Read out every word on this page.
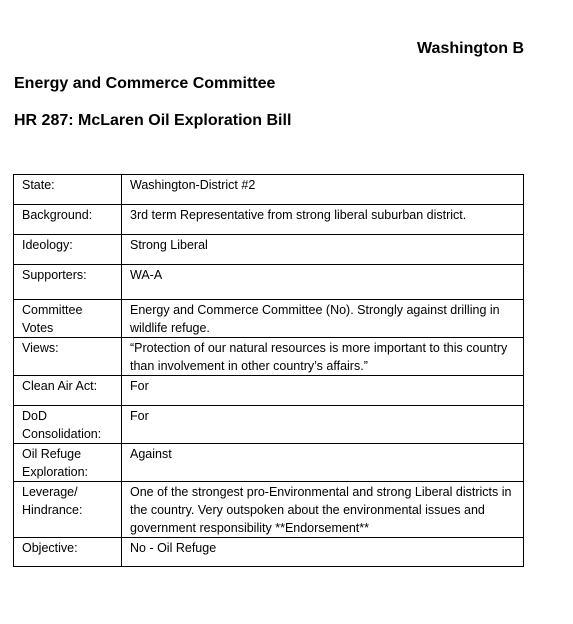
Washington B
Energy and Commerce Committee
HR 287: McLaren Oil Exploration Bill
State:	Washington-District #2
Background:	3rd term Representative from strong liberal suburban district.
Ideology:	Strong Liberal
Supporters:	WA-A
Committee Votes	Energy and Commerce Committee (No). Strongly against drilling in wildlife refuge.
Views:	“Protection of our natural resources is more important to this country than involvement in other country’s affairs.”
Clean Air Act:	For
DoD Consolidation:	For
Oil Refuge Exploration:	Against
Leverage/ Hindrance:	One of the strongest pro-Environmental and strong Liberal districts in the country. Very outspoken about the environmental issues and government responsibility **Endorsement**
Objective:	No - Oil Refuge
